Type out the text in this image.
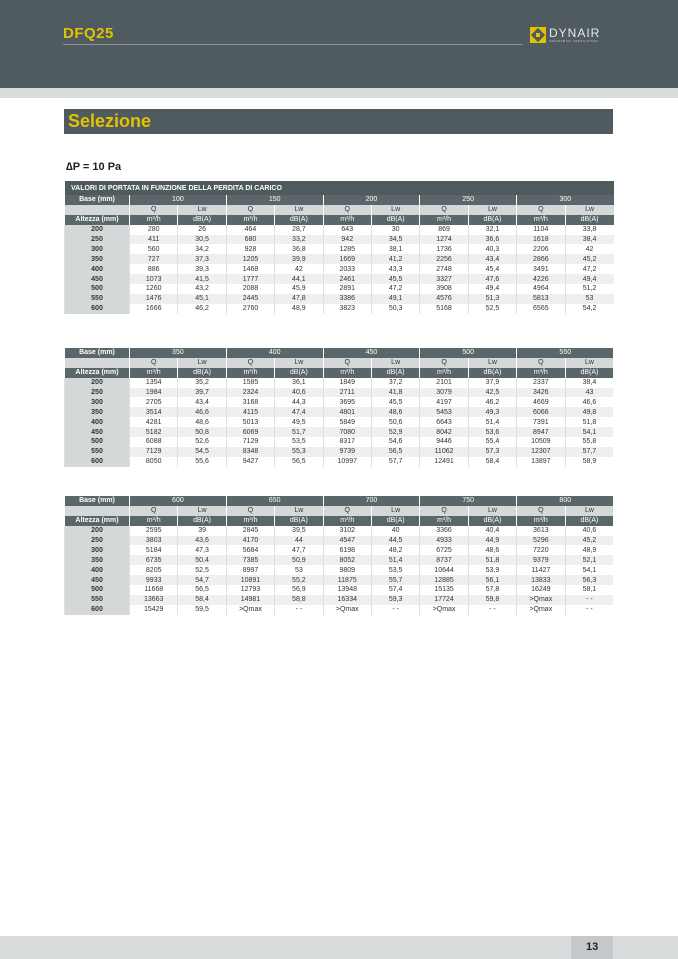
DFQ25	DYNAIR
INDUSTRIAL VENTILATION
Selezione
∆P = 10 Pa
VALORI DI PORTATA IN FUNZIONE DELLA PERDITA DI CARICO										
Base (mm)	100		150		200		250		300	
	Q	Lw	Q	Lw	Q	Lw	Q	Lw	Q	Lw
Altezza (mm)	m³/h	dB(A)	m³/h	dB(A)	m³/h	dB(A)	m³/h	dB(A)	m³/h	dB(A)
200	280	26	464	28,7	643	30	869	32,1	1104	33,8
250	411	30,5	680	33,2	942	34,5	1274	36,6	1618	38,4
300	560	34,2	928	36,8	1285	38,1	1736	40,3	2206	42
350	727	37,3	1205	39,9	1669	41,2	2256	43,4	2866	45,2
400	886	39,3	1468	42	2033	43,3	2748	45,4	3491	47,2
450	1073	41,5	1777	44,1	2461	45,5	3327	47,6	4226	49,4
500	1260	43,2	2088	45,9	2891	47,2	3908	49,4	4964	51,2
550	1476	45,1	2445	47,8	3386	49,1	4576	51,3	5813	53
600	1666	46,2	2760	48,9	3823	50,3	5168	52,5	6565	54,2
Base (mm)	350		400		450		500		550	
	Q	Lw	Q	Lw	Q	Lw	Q	Lw	Q	Lw
Altezza (mm)	m³/h	dB(A)	m³/h	dB(A)	m³/h	dB(A)	m³/h	dB(A)	m³/h	dB(A)
200	1354	35,2	1585	36,1	1849	37,2	2101	37,9	2337	38,4
250	1984	39,7	2324	40,6	2711	41,8	3079	42,5	3426	43
300	2705	43,4	3168	44,3	3695	45,5	4197	46,2	4669	46,6
350	3514	46,6	4115	47,4	4801	48,6	5453	49,3	6066	49,8
400	4281	48,6	5013	49,5	5849	50,6	6643	51,4	7391	51,8
450	5182	50,8	6069	51,7	7080	52,9	8042	53,6	8947	54,1
500	6088	52,6	7129	53,5	8317	54,6	9446	55,4	10509	55,8
550	7129	54,5	8348	55,3	9739	56,5	11062	57,3	12307	57,7
600	8050	55,6	9427	56,5	10997	57,7	12491	58,4	13897	58,9
Base (mm)	600		650		700		750		800	
	Q	Lw	Q	Lw	Q	Lw	Q	Lw	Q	Lw
Altezza (mm)	m³/h	dB(A)	m³/h	dB(A)	m³/h	dB(A)	m³/h	dB(A)	m³/h	dB(A)
200	2595	39	2845	39,5	3102	40	3366	40,4	3613	40,6
250	3803	43,6	4170	44	4547	44,5	4933	44,9	5296	45,2
300	5184	47,3	5684	47,7	6198	48,2	6725	48,6	7220	48,9
350	6735	50,4	7385	50,9	8052	51,4	8737	51,8	9379	52,1
400	8205	52,5	8997	53	9809	53,5	10644	53,9	11427	54,1
450	9933	54,7	10891	55,2	11875	55,7	12885	56,1	13833	56,3
500	11668	56,5	12793	56,9	13948	57,4	15135	57,8	16249	58,1
550	13663	58,4	14981	58,8	16334	59,3	17724	59,8	>Qmax	- -
600	15429	59,5	>Qmax	- -	>Qmax	- -	>Qmax	- -	>Qmax	- -
13
